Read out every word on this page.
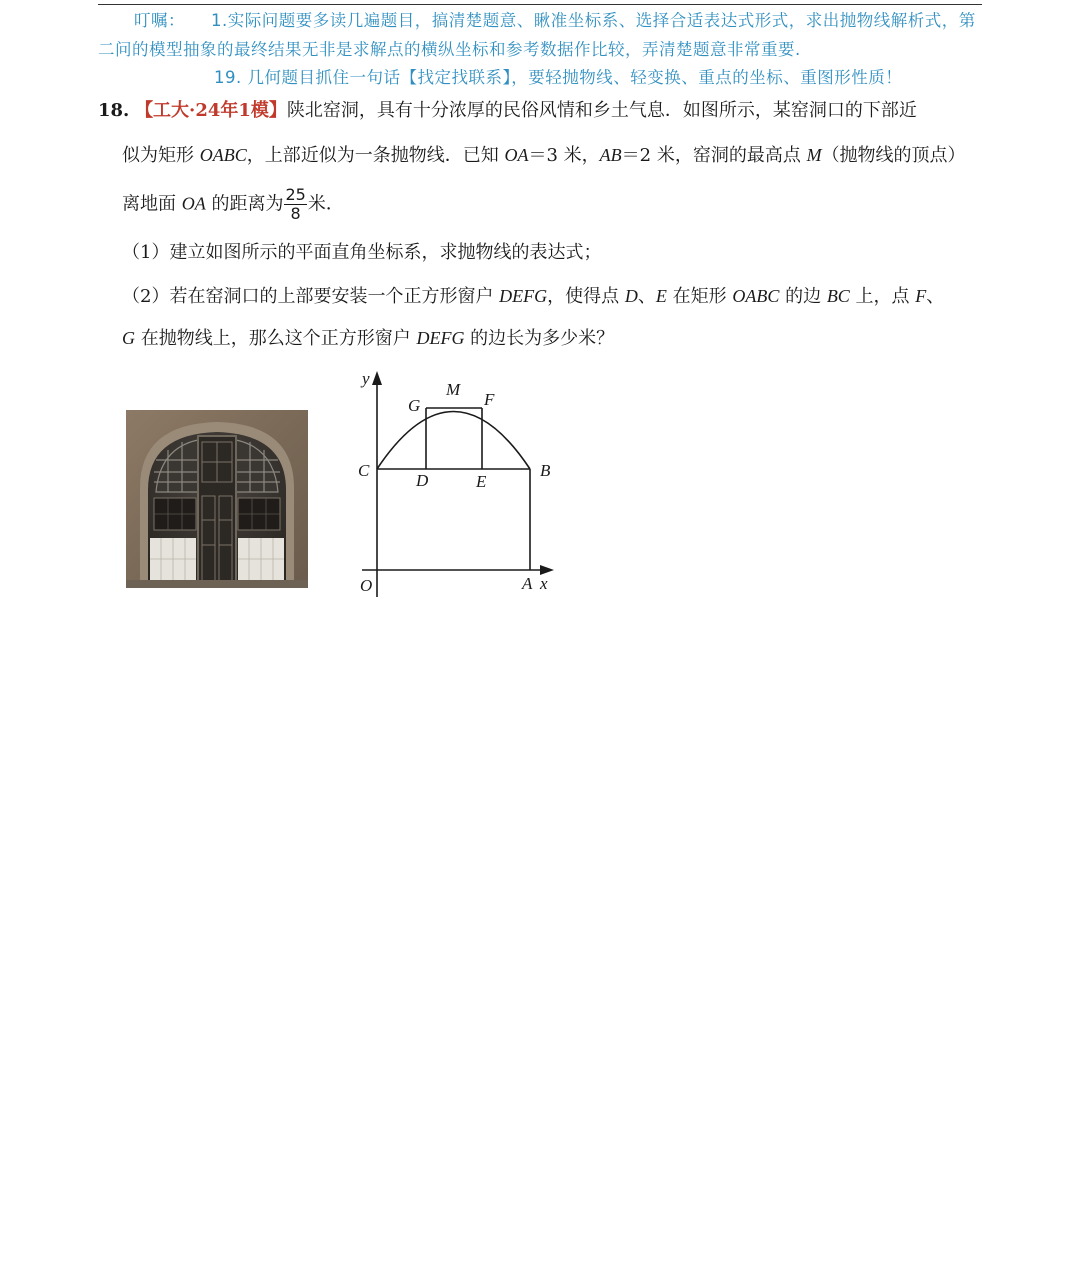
叮嘱： 1.实际问题要多读几遍题目，搞清楚题意、瞅准坐标系、选择合适表达式形式，求出抛物线解析式，第二问的模型抽象的最终结果无非是求解点的横纵坐标和参考数据作比较，弄清楚题意非常重要.
19. 几何题目抓住一句话【找定找联系】，要轻抛物线、轻变换、重点的坐标、重图形性质！
18. 【工大·24年1模】陕北窑洞，具有十分浓厚的民俗风情和乡土气息．如图所示，某窑洞口的下部近
似为矩形 OABC，上部近似为一条抛物线．已知 OA＝3 米，AB＝2 米，窑洞的最高点 M（抛物线的顶点）
离地面 OA 的距离为 $\frac{25}{8}$ 米．
（1）建立如图所示的平面直角坐标系，求抛物线的表达式；
（2）若在窑洞口的上部要安装一个正方形窗户 DEFG，使得点 D、E 在矩形 OABC 的边 BC 上，点 F、
G 在抛物线上，那么这个正方形窗户 DEFG 的边长为多少米？
y
x
O	A
B
C
D	E
F
G
M
